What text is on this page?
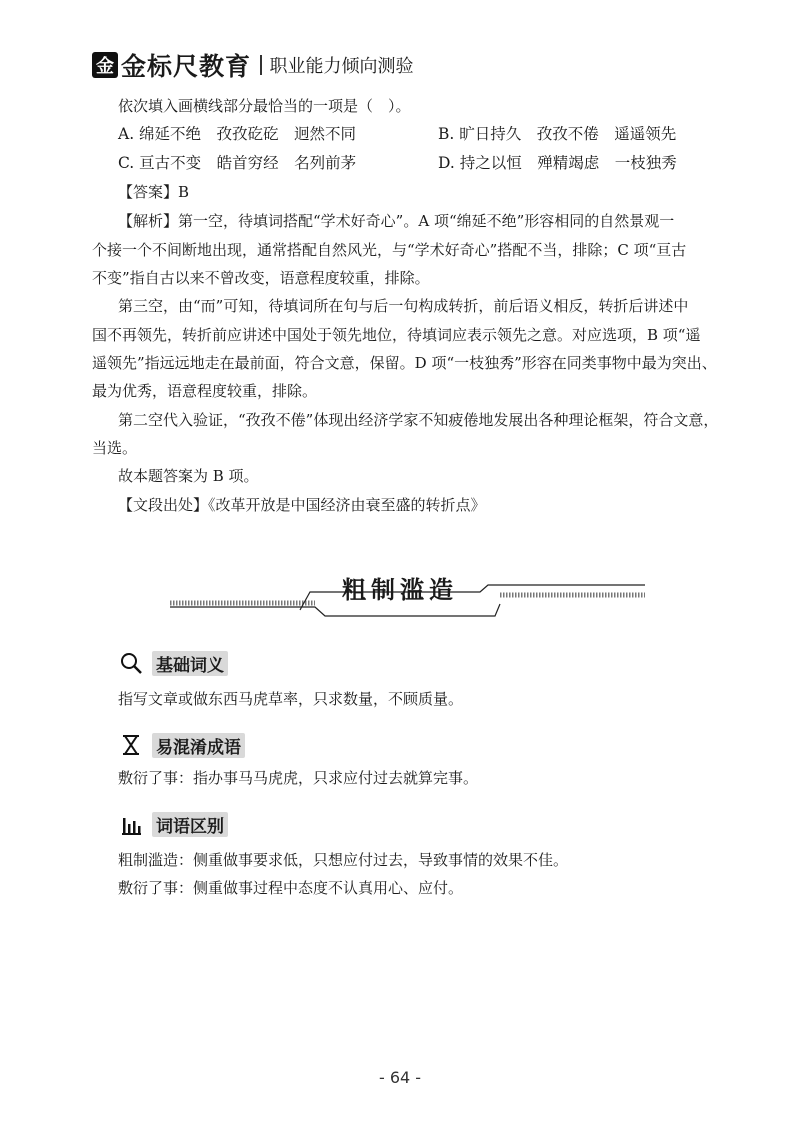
金 金标尺教育 职业能力倾向测验
依次填入画横线部分最恰当的一项是（　）。
A. 绵延不绝　孜孜矻矻　迥然不同	B. 旷日持久　孜孜不倦　遥遥领先
C. 亘古不变　皓首穷经　名列前茅	D. 持之以恒　殚精竭虑　一枝独秀
【答案】B
【解析】第一空，待填词搭配“学术好奇心”。A 项“绵延不绝”形容相同的自然景观一
个接一个不间断地出现，通常搭配自然风光，与“学术好奇心”搭配不当，排除；C 项“亘古
不变”指自古以来不曾改变，语意程度较重，排除。
第三空，由“而”可知，待填词所在句与后一句构成转折，前后语义相反，转折后讲述中
国不再领先，转折前应讲述中国处于领先地位，待填词应表示领先之意。对应选项，B 项“遥
遥领先”指远远地走在最前面，符合文意，保留。D 项“一枝独秀”形容在同类事物中最为突出、
最为优秀，语意程度较重，排除。
第二空代入验证，“孜孜不倦”体现出经济学家不知疲倦地发展出各种理论框架，符合文意，
当选。
故本题答案为 B 项。
【文段出处】《改革开放是中国经济由衰至盛的转折点》
粗制滥造
基础词义
指写文章或做东西马虎草率，只求数量，不顾质量。
易混淆成语
敷衍了事：指办事马马虎虎，只求应付过去就算完事。
词语区别
粗制滥造：侧重做事要求低，只想应付过去，导致事情的效果不佳。
敷衍了事：侧重做事过程中态度不认真用心、应付。
- 64 -
